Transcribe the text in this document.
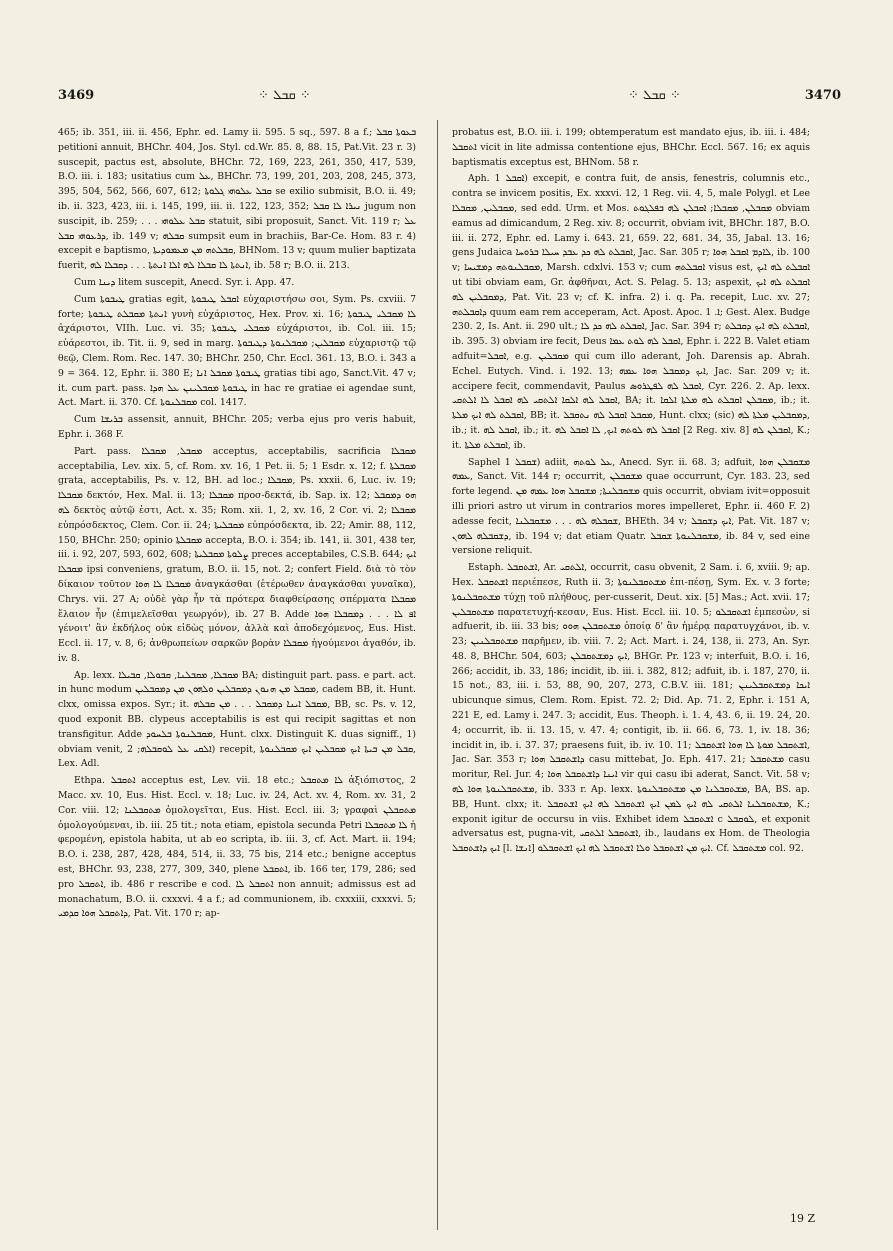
3469	⁘ ܩܒܠ ⁘	⁘ ܩܒܠ ⁘	3470

465; ib. 351, iii. ii. 456, Ephr. ed. Lamy ii. 595. 5 sq., 597. 8 a f.; ܒܥܘܬܐ ܩܒܠ petitioni annuit, BHChr. 404, Jos. Styl. cd.Wr. 85. 8, 88. 15, Pat.Vit. 23 r. 3) suscepit, pactus est, absolute, BHChr. 72, 169, 223, 261, 350, 417, 539, B.O. iii. i. 183; usitatius cum ܥܠ, BHChr. 73, 199, 201, 203, 208, 245, 373, 395, 504, 562, 566, 607, 612; ܩܒܠ ܥܠܘܗܝ ܓܠܘܬܐ se exilio submisit, B.O. ii. 49; ib. ii. 323, 423, iii. i. 145, 199, iii. ii. 122, 123, 352; ܢܝܪܐ ܠܐ ܩܒܠ jugum non suscipit, ib. 259; . . . ܩܒܠ ܥܠܘܗܝ statuit, sibi proposuit, Sanct. Vit. 119 r; ܥܠ ܕܪܥܘܗܝ ܩܒܠ, ib. 149 v; ܩܒܠܗ sumpsit eum in brachiis, Bar-Ce. Hom. 83 r. 4) excepit e baptismo, ܩܒܠܬܗ ܡܢ ܡܥܡܘܕܝܬܐ, BHNom. 13 v; quum mulier baptizata fuerit, ܐܢܬܬܐ ܠܐ ܩܒܠܐ ܠܗ ܐܠܐ ܐܢܬܬܐ . . . ܕܩܒܠܐ ܠܗ, ib. 58 r; B.O. ii. 213.

Cum ܕܝܢܐ litem suscepit, Anecd. Syr. i. App. 47.

Cum ܛܝܒܘܬܐ gratias egit, ܐܩܒܠ ܛܝܒܘܬܐ εὐχαριστήσω σοι, Sym. Ps. cxviii. 7 forte; ܐܢܬܬܐ ܡܩܒܠܬ ܛܝܒܘܬܐ γυνὴ εὐχάριστος, Hex. Prov. xi. 16; ܠܐ ܡܩܒܠܝ ܛܝܒܘܬܐ ἀχάριστοι, VIIh. Luc. vi. 35; ܡܩܒܠܝ ܛܝܒܘܬܐ εὐχάριστοι, ib. Col. iii. 15; εὐάρεστοι, ib. Tit. ii. 9, sed in marg. ܡܩܒܠܝܢ; ܡܩܒܠܢܘܬܐ ܕܛܝܒܘܬܐ εὐχαριστῷ τῷ θεῷ, Clem. Rom. Rec. 147. 30; BHChr. 250, Chr. Eccl. 361. 13, B.O. i. 343 a 9 = 364. 12, Ephr. ii. 380 E; ܛܝܒܘܬܐ ܡܩܒܠ ܐܢܐ gratias tibi ago, Sanct.Vit. 47 v; it. cum part. pass. ܛܝܒܘܬܐ ܡܩܒܠܝܢܢ ܥܠ ܗܕܐ in hac re gratiae ei agendae sunt, Act. Mart. ii. 370. Cf. ܡܩܒܠܢܘܬܐ col. 1417.

Cum ܒܪܝܫܐ assensit, annuit, BHChr. 205; verba ejus pro veris habuit, Ephr. i. 368 F.

Part. pass. ܡܩܒܠ, ܡܩܒܠܐ acceptus, acceptabilis, sacrificia ܡܩܒܠܐ acceptabilia, Lev. xix. 5, cf. Rom. xv. 16, 1 Pet. ii. 5; 1 Esdr. x. 12; f. ܡܩܒܠܬܐ grata, acceptabilis, Ps. v. 12, BH. ad loc.; ܡܩܒܠܐ, Ps. xxxii. 6, Luc. iv. 19; ܡܩܒܠܐ δεκτόν, Hex. Mal. ii. 13; ܡܩܒܠܐ προσ-δεκτά, ib. Sap. ix. 12; ܗܘ ܕܡܩܒܠ ܠܗ δεκτὸς αὐτῷ ἐστι, Act. x. 35; Rom. xii. 1, 2, xv. 16, 2 Cor. vi. 2; ܡܩܒܠܐ εὐπρόσδεκτος, Clem. Cor. ii. 24; ܡܩܒܠܝܬܐ εὐπρόσδεκτα, ib. 22; Amir. 88, 112, 150, BHChr. 250; opinio ܡܩܒܠܬܐ accepta, B.O. i. 354; ib. 141, ii. 301, 438 ter, iii. i. 92, 207, 593, 602, 608; ܨܠܘܬܐ ܡܩܒܠܝܬܐ preces acceptabiles, C.S.B. 644; ܐܝܟ ܡܩܒܠܐ ipsi conveniens, gratum, B.O. ii. 15, not. 2; confert Field. διὰ τὸ τὸν δίκαιον τοῦτον ܡܩܒܠܐ ܠܐ ܗܘܐ ἀναγκάσθαι (ἑτέρωθεν ἀναγκάσθαι γυναῖκα), Chrys. vii. 27 A; οὐδὲ γὰρ ἦν τὰ πρότερα διαφθείρασης σπέρματα ܡܩܒܠܐ ἔλαιον ἦν (ἐπιμελεῖσθαι γεωργόν), ib. 27 B. Adde ܐܦ ܠܐ . . . ܕܡܩܒܠܐ ܗܘܐ γένοιτ' ἂν ἐκδήλος οὐκ εἰδὼς μόνον, ἀλλὰ καὶ ἀποδεχόμενος, Eus. Hist. Eccl. ii. 17, v. 8, 6; ἀνθρωπείων σαρκῶν βορὰν ܡܩܒܠܐ ἡγούμενοι ἀγαθόν, ib. iv. 8.

Ap. lexx. ܡܩܒܠܐ, ܡܩܒܠܢܐ, ܩܒܘܠܐ, ܩܒܝܠܐ BA; distinguit part. pass. e part. act. in hunc modum ܡܩܒܠ ܡܢ ܗܢܘܢ ܕܡܩܒܠܝܢ ܘܠܗܘܢ ܡܢ ܕܡܩܒܠܝܢ, cadem BB, it. Hunt. clxx, omissa expos. Syr.; it. ܡܩܒܠ ܐܝܢܐ ܕܡܩܒܠ . . . ܡܢ ܩܒܠܗ, BB, sc. Ps. v. 12, quod exponit BB. clypeus acceptabilis is est qui recipit sagittas et non transfigitur. Adde ܡܩܒܠܢܘܬܐ ܒܠܚܘܕ, Hunt. clxx. Distinguit K. duas signiff., 1) obviam venit, ܐܠܩܝ ܥܠ ܠܘܩܒܠܗ; 2) recepit, ܩܒܠ ܡܢ ܒܝܬܐ ܐܝܟ ܡܩܒܠܝܢ ܐܝܟ ܡܩܒܠܢܘܬܐ, Lex. Adl.

Ethpa. ܐܬܩܒܠ acceptus est, Lev. vii. 18 etc.; ܠܐ ܡܬܩܒܠ ἀξιόπιστος, 2 Macc. xv. 10, Eus. Hist. Eccl. v. 18; Luc. iv. 24, Act. xv. 4, Rom. xv. 31, 2 Cor. viii. 12; ܡܬܩܒܠܢܐ ὁμολογεῖται, Eus. Hist. Eccl. iii. 3; γραφαὶ ܡܬܩܒܠܢ ὁμολογούμεναι, ib. iii. 25 tit.; nota etiam, epistola secunda Petri ܠܐ ܡܬܩܒܠܐ ἡ φερομένη, epistola habita, ut ab eo scripta, ib. iii. 3, cf. Act. Mart. ii. 194; B.O. i. 238, 287, 428, 484, 514, ii. 33, 75 bis, 214 etc.; benigne acceptus est, BHChr. 93, 238, 277, 309, 340, plene ܐܬܩܒܠ, ib. 166 ter, 179, 286; sed pro ܐܬܩܒܠ, ib. 486 r rescribe e cod. ܐܬܩܒܠ ܠܐ non annuit; admissus est ad monachatum, B.O. ii. cxxxvi. 4 a f.; ad communionem, ib. cxxxiii, cxxxvi. 5; ܕܐܬܩܒܠ ܗܘܐ ܩܕܡܝ, Pat. Vit. 170 r; ap-

probatus est, B.O. iii. i. 199; obtemperatum est mandato ejus, ib. iii. i. 484; ܐܬܩܒܠ vicit in lite admissa contentione ejus, BHChr. Eccl. 567. 16; ex aquis baptismatis exceptus est, BHNom. 58 r.

Aph. ܐܩܒܠ 1) excepit, e contra fuit, de ansis, fenestris, columnis etc., contra se invicem positis, Ex. xxxvi. 12, 1 Reg. vii. 4, 5, male Polygl. et Lee ܡܩܒܠܝܢ, ܡܩܒܠܐ, sed edd. Urm. et Mos. ܡܩܒܠܢ, ܡܩܒܠܐ; ܐܩܒܠܢ ܠܗ ܒܦܠܓܘܬ obviam eamus ad dimicandum, 2 Reg. xiv. 8; occurrit, obviam ivit, BHChr. 187, B.O. iii. ii. 272, Ephr. ed. Lamy i. 643. 21, 659. 22, 681. 34, 35, Jabal. 13. 16; gens Judaica ܐܩܒܠܬ ܠܗ ܟܕ ܥܒܕ ܚܝܠܐ ܒܪܘܚܐ, Jac. Sar. 305 r; ܠܐܕܡ ܐܩܒܠ ܗܘܐ, ib. 100 v; ܡܩܒܠܢܘܬܗ ܕܡܫܝܚܐ, Marsh. cdxlvi. 153 v; cum ܐܩܒܠܬܗ visus est, ܐܩܒܠܬ ܠܗ ܐܝܟ ut tibi obviam eam, Gr. ἀφθῆναι, Act. S. Pelag. 5. 13; aspexit, ܐܩܒܠܬ ܠܗ ܐܝܟ ܕܡܩܒܠܝܢ ܠܗ, Pat. Vit. 23 v; cf. K. infra. 2) i. q. Pa. recepit, Luc. xv. 27; ܕܐܩܒܠܬܗ quum eam rem acceperam, Act. Apost. Apoc. ܐ. 1; Gest. Alex. Budge 230. 2, Is. Ant. ii. 290 ult.; ܐܩܒܠܬ ܠܗ ܟܕ ܠܐ, Jac. Sar. 394 r; ܐܩܒܠܬ ܠܗ ܐܝܟ ܕܩܒܠܬ, ib. 395. 3) obviam ire fecit, Deus ܐܩܒܠ ܠܗ ܠܘܬ ܥܡܐ, Ephr. i. 222 B. Valet etiam adfuit=ܐܩܒܠ, e.g. ܡܩܒܠܝܢ qui cum illo aderant, Joh. Darensis ap. Abrah. Echel. Eutych. Vind. i. 192. 13; ܐܝܟ ܕܡܩܒܠ ܗܘܐ ܥܡܗ, Jac. Sar. 209 v; it. accipere fecit, commendavit, Paulus ܐܩܒܠ ܠܗ ܠܦܛܪܘܣ, Cyr. 226. 2. Ap. lexx. ܐܩܒܠ ܠܗ ܐܠܩܐ ܐܠܬܩܝ ܠܗ ܐܩܒܠ ܠܐ ܐܠܬܩܝ, BA; it. ܡܩܒܠܢ ܐܩܒܠܬ ܠܗ ܡܠܬܐ ܐܠܩܐ, ib.; it. ܐܩܒܠܬ ܠܗ ܐܝܟ ܡܠܬܐ, BB; it. ܡܩܒܠ ܐܩܒܠ ܠܗ ܢܬܩܒܠ, Hunt. clxx; (sic) ܕܡܩܒܠܝܢ ܡܠܬܐ ܠܗ, ib.; it. ܐܩܒܠ ܠܗ, ib.; it. ܐܩܒܠ ܠܗ ܠܘܬܗ ܐܝܟ, ܠܐ ܐܩܒܠ ܠܗ [2 Reg. xiv. 8] ܐܩܒܠܢ ܠܗ, K.; it. ܐܩܒܠܬ ܡܠܬܐ, ib.

Saphel ܫܩܒܠ 1) adiit, ܥܠ ܠܘܬܗ, Anecd. Syr. ii. 68. 3; adfuit, ܡܫܩܒܠܢ ܗܘܐ ܥܡܗ, Sanct. Vit. 144 r; occurrit, ܡܫܩܒܠܢ quae occurrunt, Cyr. 183. 23, sed forte legend. ܡܫܩܒܠܢܬܐ; ܡܫܩܒܠ ܗܘܐ ܥܡܗ ܡܢ quis occurrit, obviam ivit=opposuit illi priori astro ut virum in contrarios mores impelleret, Ephr. ii. 460 F. 2) adesse fecit, ܫܩܒܠܗ ܠܗ . . . ܡܫܩܒܠܢܐ, BHEth. 34 v; ܐܝܟ ܕܫܩܒܠ, Pat. Vit. 187 v; ܕܫܩܒܠܗ ܠܗܘܢ, ib. 194 v; dat etiam Quatr. ܡܫܩܒܠܢܘܬܐ ܫܩܒܠ, ib. 84 v, sed eine versione reliquit.

Estaph. ܐܫܬܩܒܠ, Ar. ܐܠܬܩܝ, occurrit, casu obvenit, 2 Sam. i. 6, xviii. 9; ap. Hex. ܐܫܬܩܒܠ περιέπεσε, Ruth ii. 3; ܡܫܬܩܒܠܢܘܬܐ ἐπι-πέσῃ, Sym. Ex. v. 3 forte; ܡܫܬܩܒܠܢܘܬܐ τύχῃ τοῦ πλήθους, per-cusserit, Deut. xix. [5] Mas.; Act. xvii. 17; ܡܫܬܩܒܠܝܢ παρατετυχή-κεσαν, Eus. Hist. Eccl. iii. 10. 5; ܐܫܬܩܒܠܘ ἐμπεσὼν, si adfuerit, ib. iii. 33 bis; ܡܫܬܩܒܠܢ ܗܘܘ ὁποίᾳ δ' ἂν ἡμέρᾳ παρατυγχάνοι, ib. v. 23; ܡܫܬܩܒܠܢܝܢ παρῆμεν, ib. viii. 7. 2; Act. Mart. i. 24, 138, ii. 273, An. Syr. 48. 8, BHChr. 504, 603; ܐܝܟ ܕܡܫܬܩܒܠܢ, BHGr. Pr. 123 v; interfuit, B.O. i. 16, 266; accidit, ib. 33, 186; incidit, ib. iii. i. 382, 812; adfuit, ib. i. 187, 270, ii. 15 not., 83, iii. i. 53, 88, 90, 207, 273, C.B.V. iii. 181; ܐܝܟܐ ܕܡܫܬܩܒܠܝܢܢ ubicunque simus, Clem. Rom. Epist. 72. 2; Did. Ap. 71. 2, Ephr. i. 151 A, 221 E, ed. Lamy i. 247. 3; accidit, Eus. Theoph. i. 1. 4, 43. 6, ii. 19. 24, 20. 4; occurrit, ib. ii. 13. 15, v. 47. 4; contigit, ib. ii. 66. 6, 73. 1, iv. 18. 36; incidit in, ib. i. 37. 37; praesens fuit, ib. iv. 10. 11; ܐܫܬܩܒܠ ܡܘܬܐ ܠܐ ܗܘܐ ܐܫܬܩܒܠ, Jac. Sar. 353 r; ܕܐܫܬܩܒܠ ܗܘܐ casu mittebat, Jo. Eph. 417. 21; ܡܫܬܩܒܠ casu moritur, Rel. Jur. 4; ܐܝܢܐ ܕܐܫܬܩܒܠ ܗܘܐ vir qui casu ibi aderat, Sanct. Vit. 58 v; ܡܫܬܩܒܠܢܘܬܐ ܗܘܐ ܠܗ, ib. 333 r. Ap. lexx. ܡܫܬܩܒܠܢܐ ܡܢ ܡܫܬܩܒܠܢܘܬܐ, BA, BS. ap. BB, Hunt. clxx; it. ܡܫܬܩܒܠܢܐ ܐܠܬܩܝ ܠܗ ܐܝܟ ܠܡܢ ܐܝܟ ܐܫܬܩܒܠ ܠܗ ܐܝܟ ܐܫܬܩܒܠ, K.; exponit igitur de occursu in viis. Exhibet idem ܐܫܬܩܒܠ c ܠܘܩܒܠ, et exponit adversatus est, pugna-vit, ܐܫܬܩܒܠ ܐܠܬܩܝ, ib., laudans ex Hom. de Theologia ܐܝܟ ܕܐܫܬܩܒܠ [l. ܐܢܫܐ] ܐܝܟ ܡܢ ܐܫܬܩܒܠ ܘܠܐ ܐܫܬܩܒܠ ܠܗ ܐܝܟ ܐܫܬܩܒܠܘ. Cf. ܡܫܬܩܒܠ col. 92.

19 Z
